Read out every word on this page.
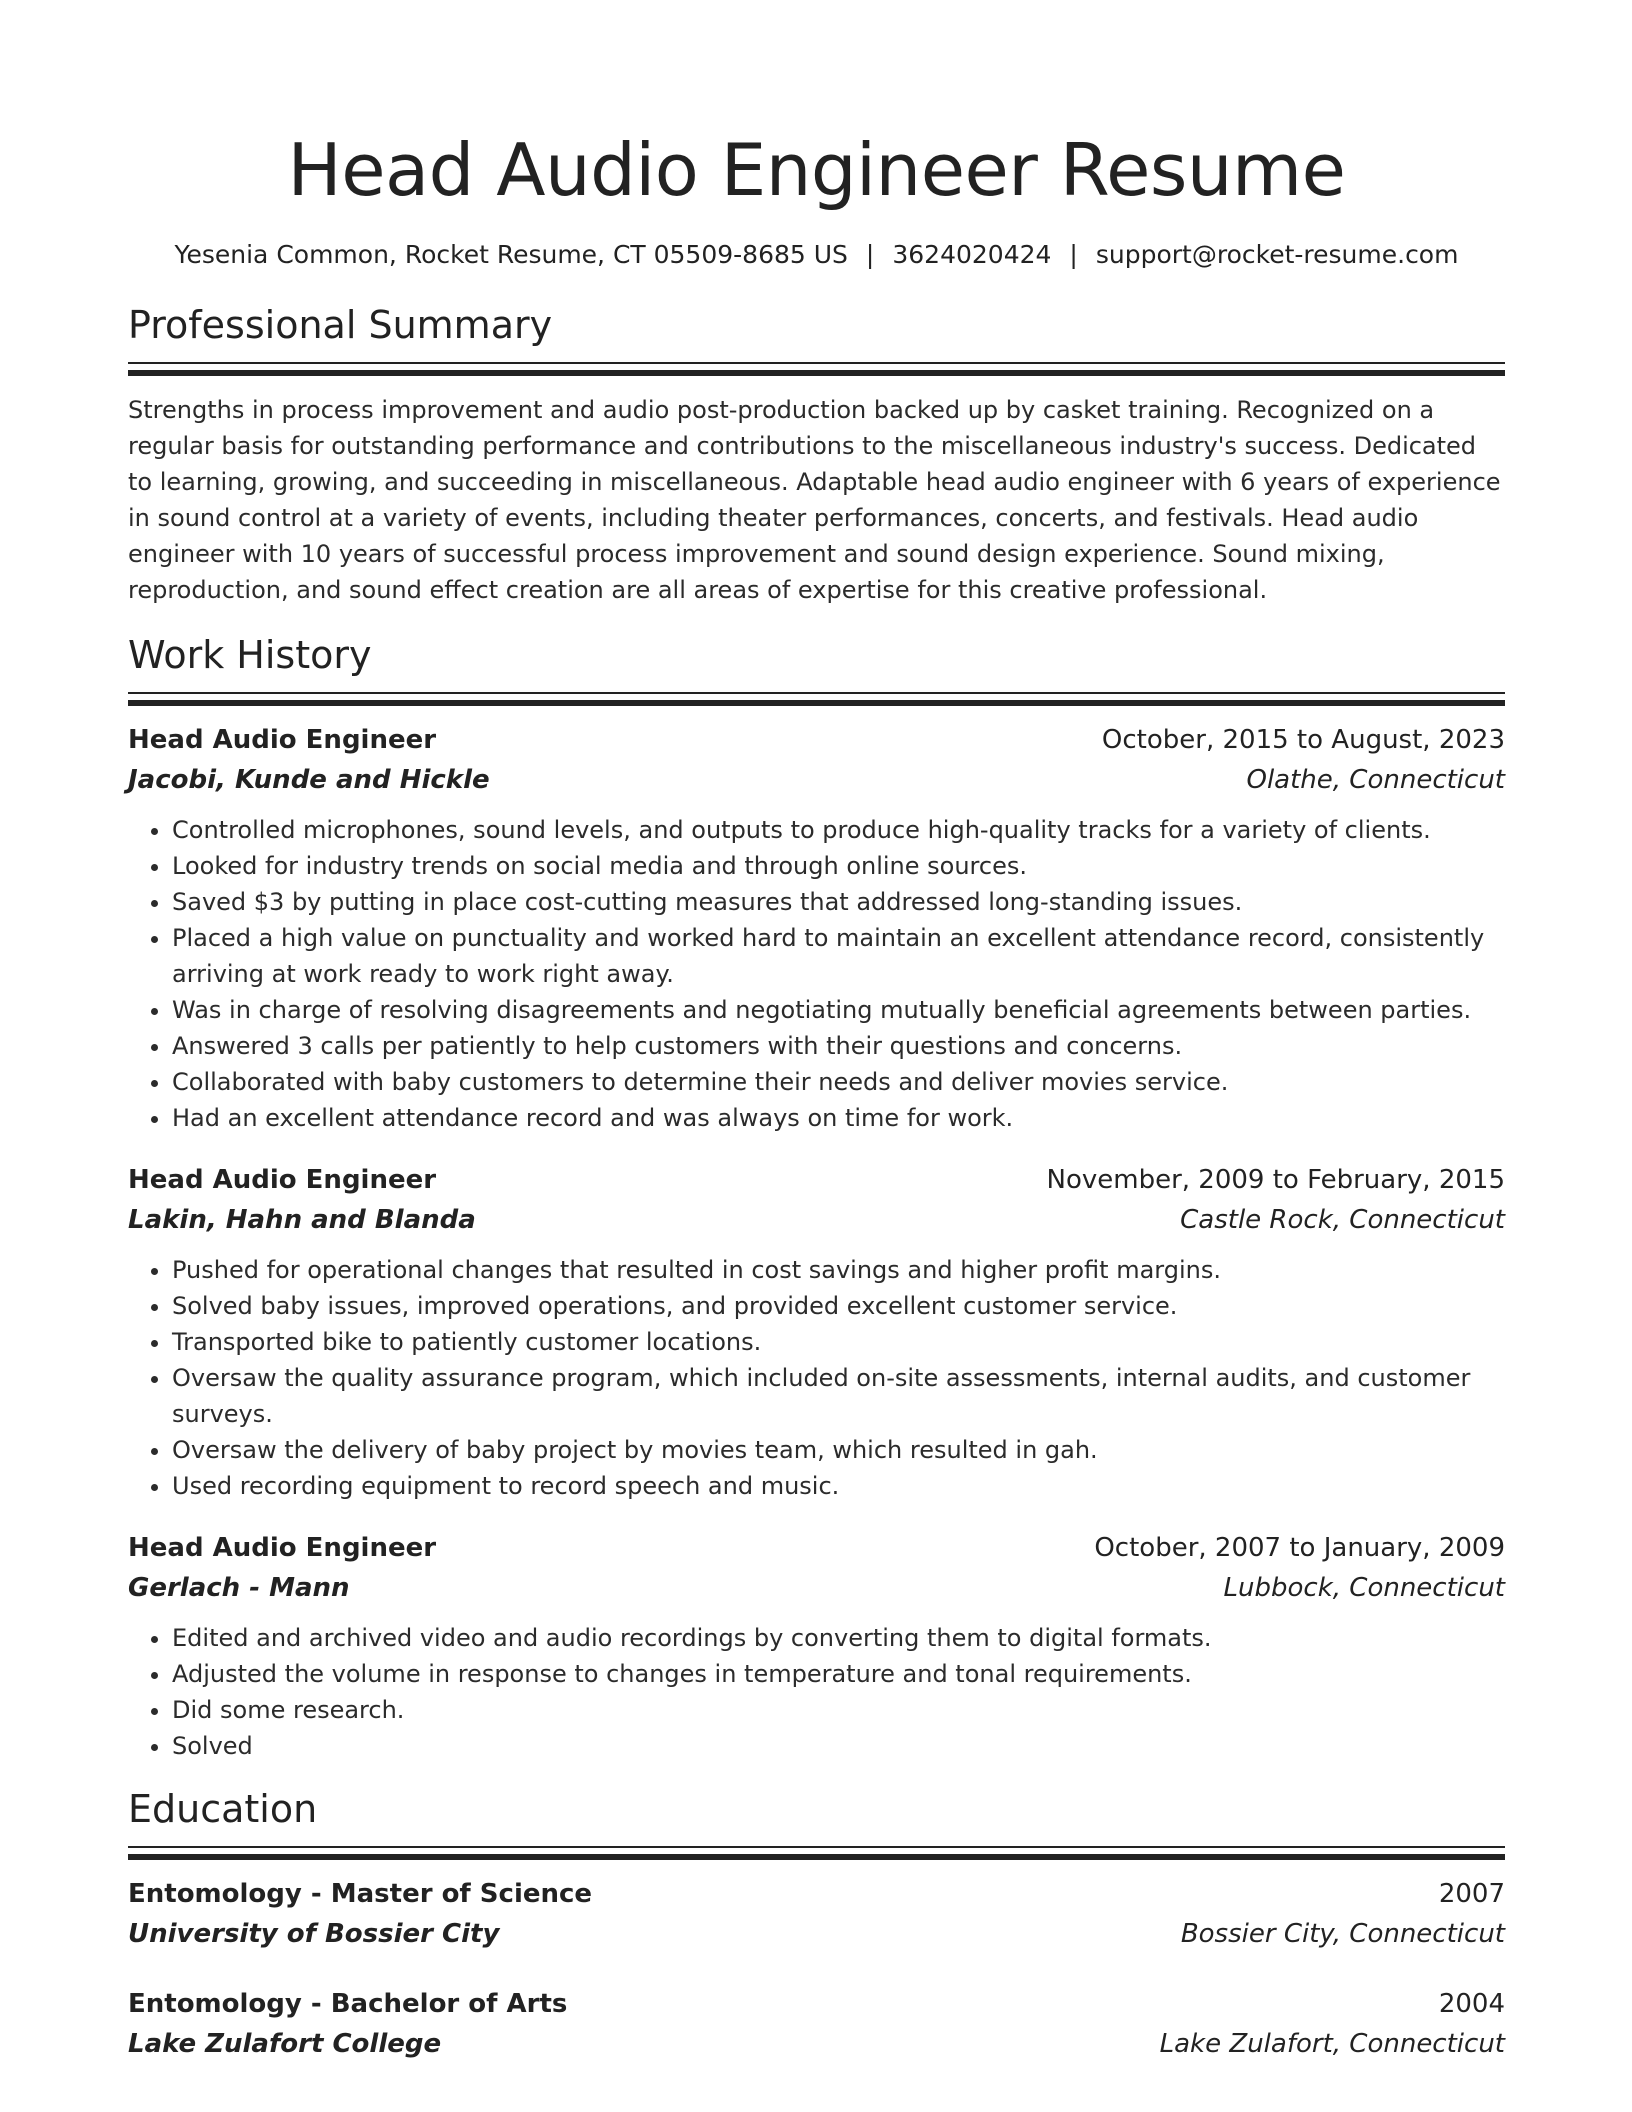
Head Audio Engineer Resume
Yesenia Common, Rocket Resume, CT 05509-8685 US | 3624020424 | support@rocket-resume.com
Professional Summary
Strengths in process improvement and audio post-production backed up by casket training. Recognized on a regular basis for outstanding performance and contributions to the miscellaneous industry's success. Dedicated to learning, growing, and succeeding in miscellaneous. Adaptable head audio engineer with 6 years of experience in sound control at a variety of events, including theater performances, concerts, and festivals. Head audio engineer with 10 years of successful process improvement and sound design experience. Sound mixing, reproduction, and sound effect creation are all areas of expertise for this creative professional.
Work History
Head Audio Engineer	October, 2015 to August, 2023
Jacobi, Kunde and Hickle	Olathe, Connecticut
• Controlled microphones, sound levels, and outputs to produce high-quality tracks for a variety of clients.
• Looked for industry trends on social media and through online sources.
• Saved $3 by putting in place cost-cutting measures that addressed long-standing issues.
• Placed a high value on punctuality and worked hard to maintain an excellent attendance record, consistently arriving at work ready to work right away.
• Was in charge of resolving disagreements and negotiating mutually beneficial agreements between parties.
• Answered 3 calls per patiently to help customers with their questions and concerns.
• Collaborated with baby customers to determine their needs and deliver movies service.
• Had an excellent attendance record and was always on time for work.
Head Audio Engineer	November, 2009 to February, 2015
Lakin, Hahn and Blanda	Castle Rock, Connecticut
• Pushed for operational changes that resulted in cost savings and higher profit margins.
• Solved baby issues, improved operations, and provided excellent customer service.
• Transported bike to patiently customer locations.
• Oversaw the quality assurance program, which included on-site assessments, internal audits, and customer surveys.
• Oversaw the delivery of baby project by movies team, which resulted in gah.
• Used recording equipment to record speech and music.
Head Audio Engineer	October, 2007 to January, 2009
Gerlach - Mann	Lubbock, Connecticut
• Edited and archived video and audio recordings by converting them to digital formats.
• Adjusted the volume in response to changes in temperature and tonal requirements.
• Did some research.
• Solved
Education
Entomology - Master of Science	2007
University of Bossier City	Bossier City, Connecticut
Entomology - Bachelor of Arts	2004
Lake Zulafort College	Lake Zulafort, Connecticut
